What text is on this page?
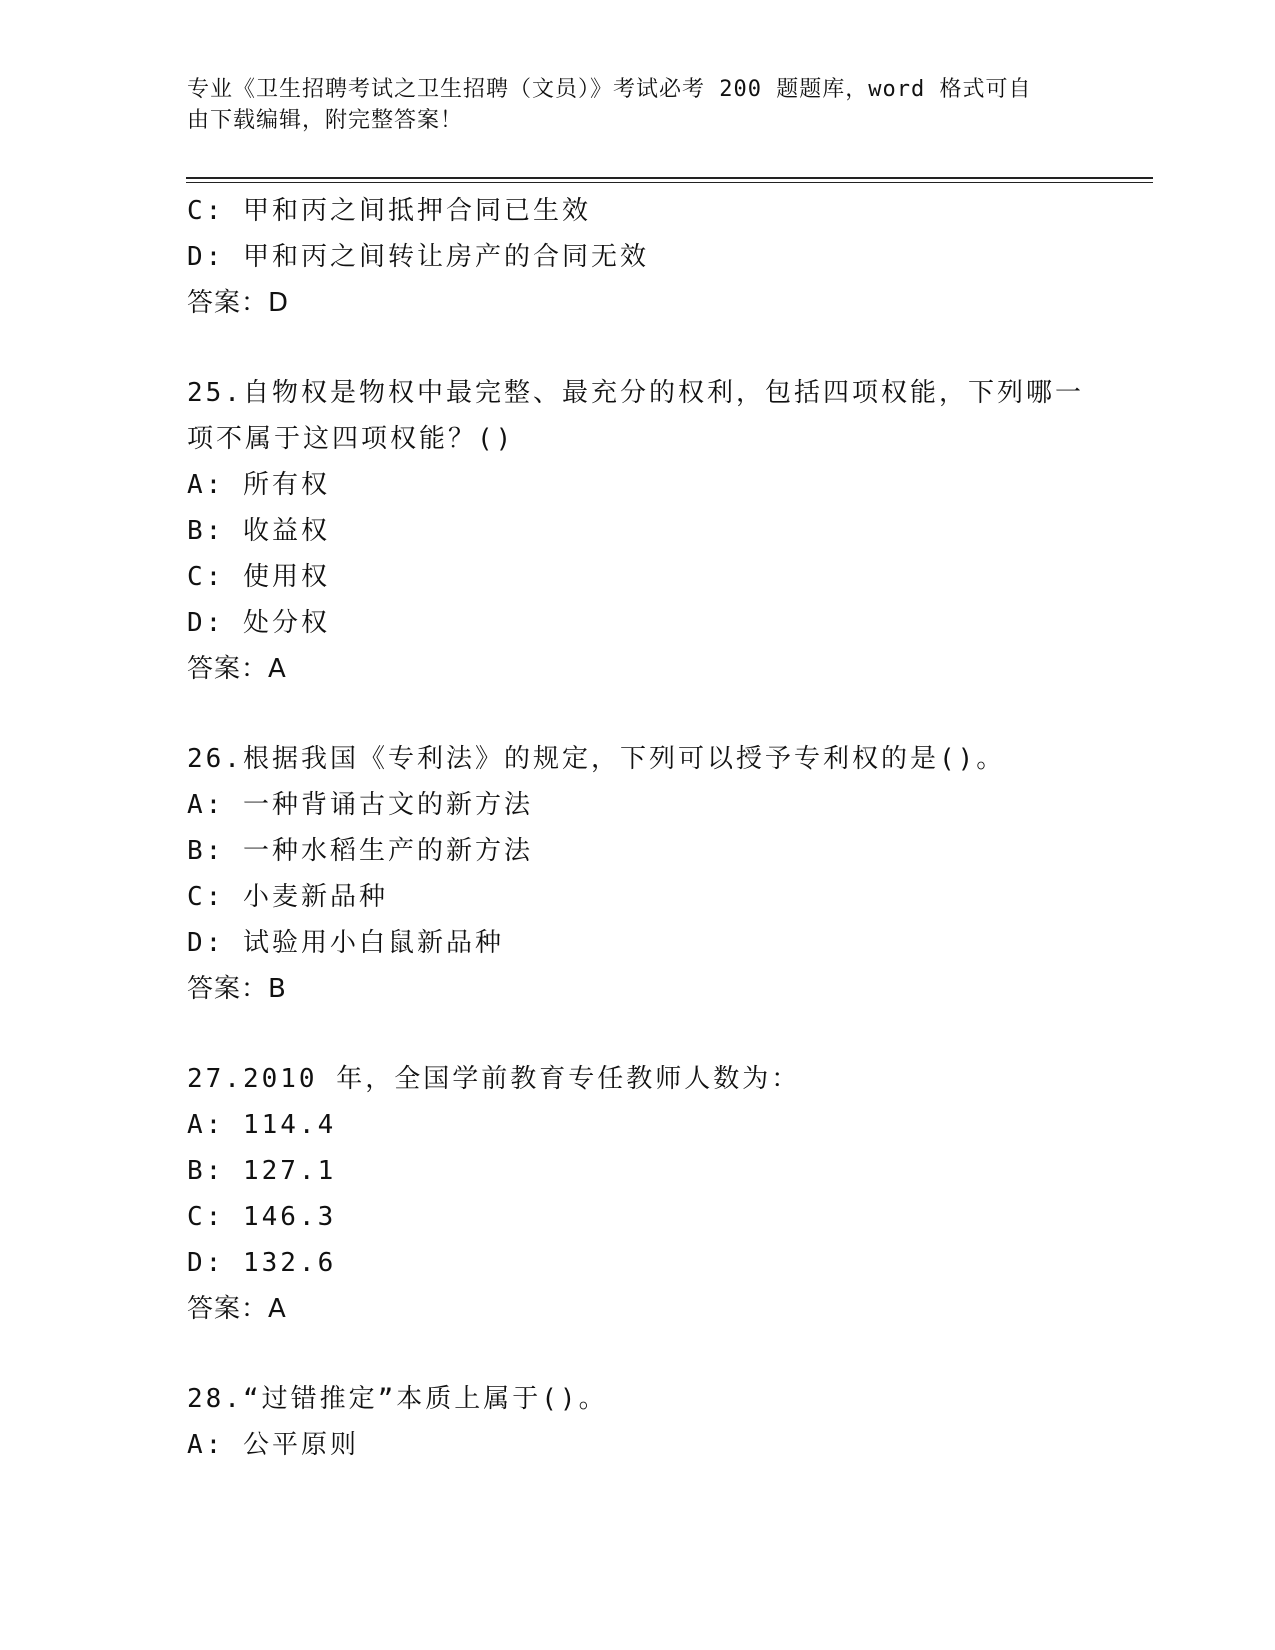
专业《卫生招聘考试之卫生招聘（文员）》考试必考 200 题题库，word 格式可自
由下载编辑，附完整答案！
C: 甲和丙之间抵押合同已生效
D: 甲和丙之间转让房产的合同无效
答案：D
25.自物权是物权中最完整、最充分的权利，包括四项权能，下列哪一
项不属于这四项权能？()
A: 所有权
B: 收益权
C: 使用权
D: 处分权
答案：A
26.根据我国《专利法》的规定，下列可以授予专利权的是()。
A: 一种背诵古文的新方法
B: 一种水稻生产的新方法
C: 小麦新品种
D: 试验用小白鼠新品种
答案：B
27.2010 年，全国学前教育专任教师人数为：
A: 114.4
B: 127.1
C: 146.3
D: 132.6
答案：A
28.“过错推定”本质上属于()。
A: 公平原则
